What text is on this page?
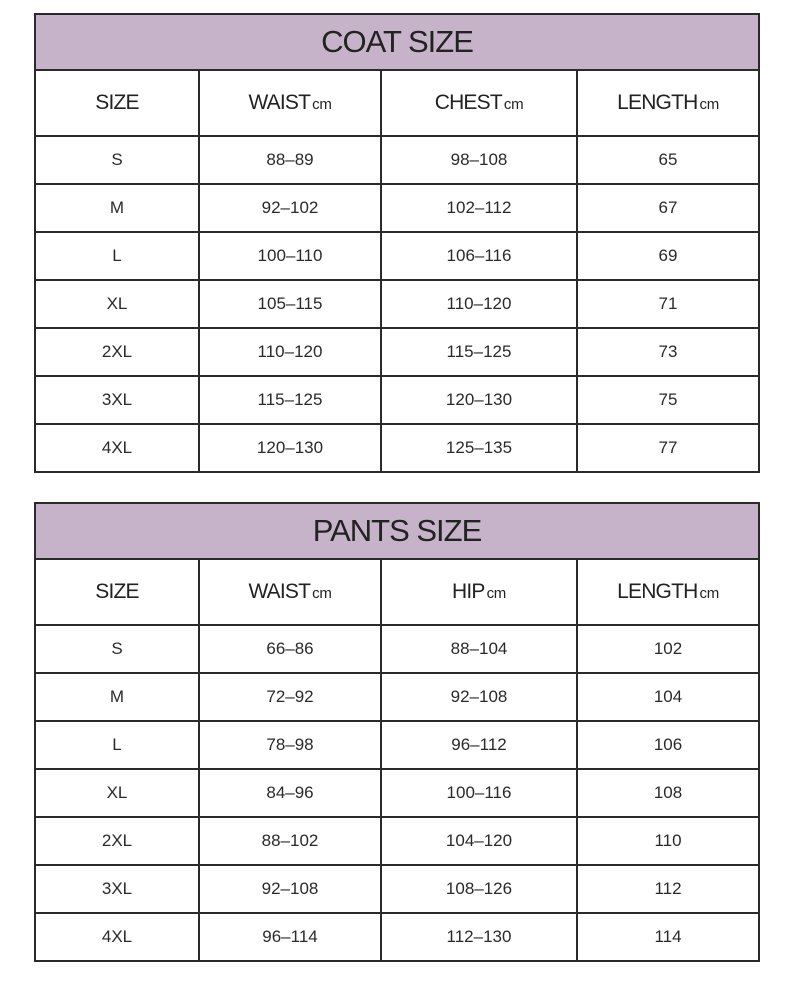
COAT SIZE			
SIZE	WAIST cm	CHEST cm	LENGTH cm
S	88–89	98–108	65
M	92–102	102–112	67
L	100–110	106–116	69
XL	105–115	110–120	71
2XL	110–120	115–125	73
3XL	115–125	120–130	75
4XL	120–130	125–135	77
PANTS SIZE			
SIZE	WAIST cm	HIP cm	LENGTH cm
S	66–86	88–104	102
M	72–92	92–108	104
L	78–98	96–112	106
XL	84–96	100–116	108
2XL	88–102	104–120	110
3XL	92–108	108–126	112
4XL	96–114	112–130	114
